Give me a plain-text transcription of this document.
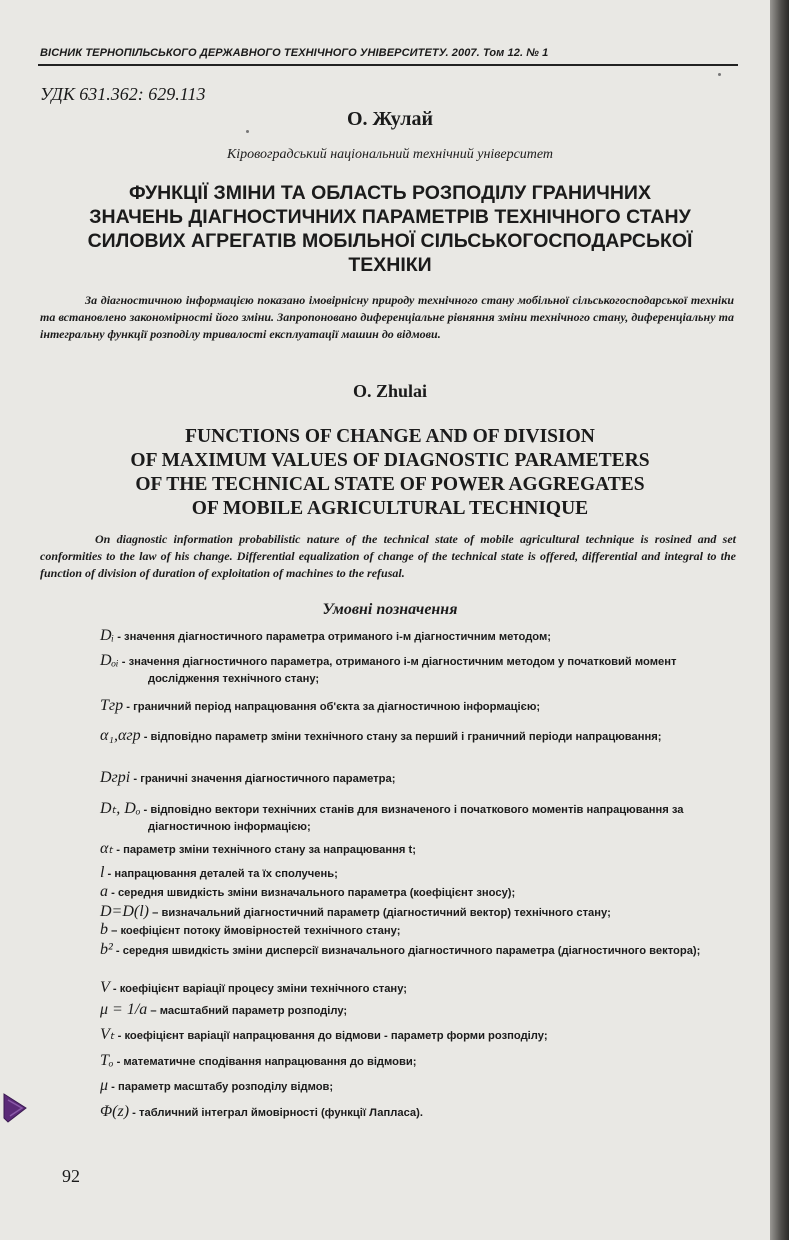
ВІСНИК ТЕРНОПІЛЬСЬКОГО ДЕРЖАВНОГО ТЕХНІЧНОГО УНІВЕРСИТЕТУ. 2007. Том 12. № 1
УДК 631.362: 629.113
О. Жулай
Кіровоградський національний технічний університет
ФУНКЦІЇ ЗМІНИ ТА ОБЛАСТЬ РОЗПОДІЛУ ГРАНИЧНИХ
ЗНАЧЕНЬ ДІАГНОСТИЧНИХ ПАРАМЕТРІВ ТЕХНІЧНОГО СТАНУ
СИЛОВИХ АГРЕГАТІВ МОБІЛЬНОЇ СІЛЬСЬКОГОСПОДАРСЬКОЇ
ТЕХНІКИ
За діагностичною інформацією показано імовірнісну природу технічного стану мобільної сільськогосподарської техніки та встановлено закономірності його зміни. Запропоновано диференціальне рівняння зміни технічного стану, диференціальну та інтегральну функції розподілу тривалості експлуатації машин до відмови.
O. Zhulai
FUNCTIONS OF CHANGE AND OF DIVISION
OF MAXIMUM VALUES OF DIAGNOSTIC PARAMETERS
OF THE TECHNICAL STATE OF POWER AGGREGATES
OF MOBILE AGRICULTURAL TECHNIQUE
On diagnostic information probabilistic nature of the technical state of mobile agricultural technique is rosined and set conformities to the law of his change. Differential equalization of change of the technical state is offered, differential and integral to the function of division of duration of exploitation of machines to the refusal.
Умовні позначення
Dᵢ - значення діагностичного параметра отриманого i-м діагностичним методом;
Dₒᵢ - значення діагностичного параметра, отриманого i-м діагностичним методом у початковий момент дослідження технічного стану;
Tгр - граничний період напрацювання об'єкта за діагностичною інформацією;
α₁,αгр - відповідно параметр зміни технічного стану за перший і граничний періоди напрацювання;
Dгрі - граничні значення діагностичного параметра;
Dₜ, Dₒ - відповідно вектори технічних станів для визначеного і початкового моментів напрацювання за діагностичною інформацією;
αₜ - параметр зміни технічного стану за напрацювання t;
l - напрацювання деталей та їх сполучень;
a - середня швидкість зміни визначального параметра (коефіцієнт зносу);
D=D(l) – визначальний діагностичний параметр (діагностичний вектор) технічного стану;
b – коефіцієнт потоку ймовірностей технічного стану;
b² - середня швидкість зміни дисперсії визначального діагностичного параметра (діагностичного вектора);
V - коефіцієнт варіації процесу зміни технічного стану;
μ = 1/a – масштабний параметр розподілу;
Vₜ - коефіцієнт варіації напрацювання до відмови - параметр форми розподілу;
Tₒ - математичне сподівання напрацювання до відмови;
μ - параметр масштабу розподілу відмов;
Φ(z) - табличний інтеграл ймовірності (функції Лапласа).
92
